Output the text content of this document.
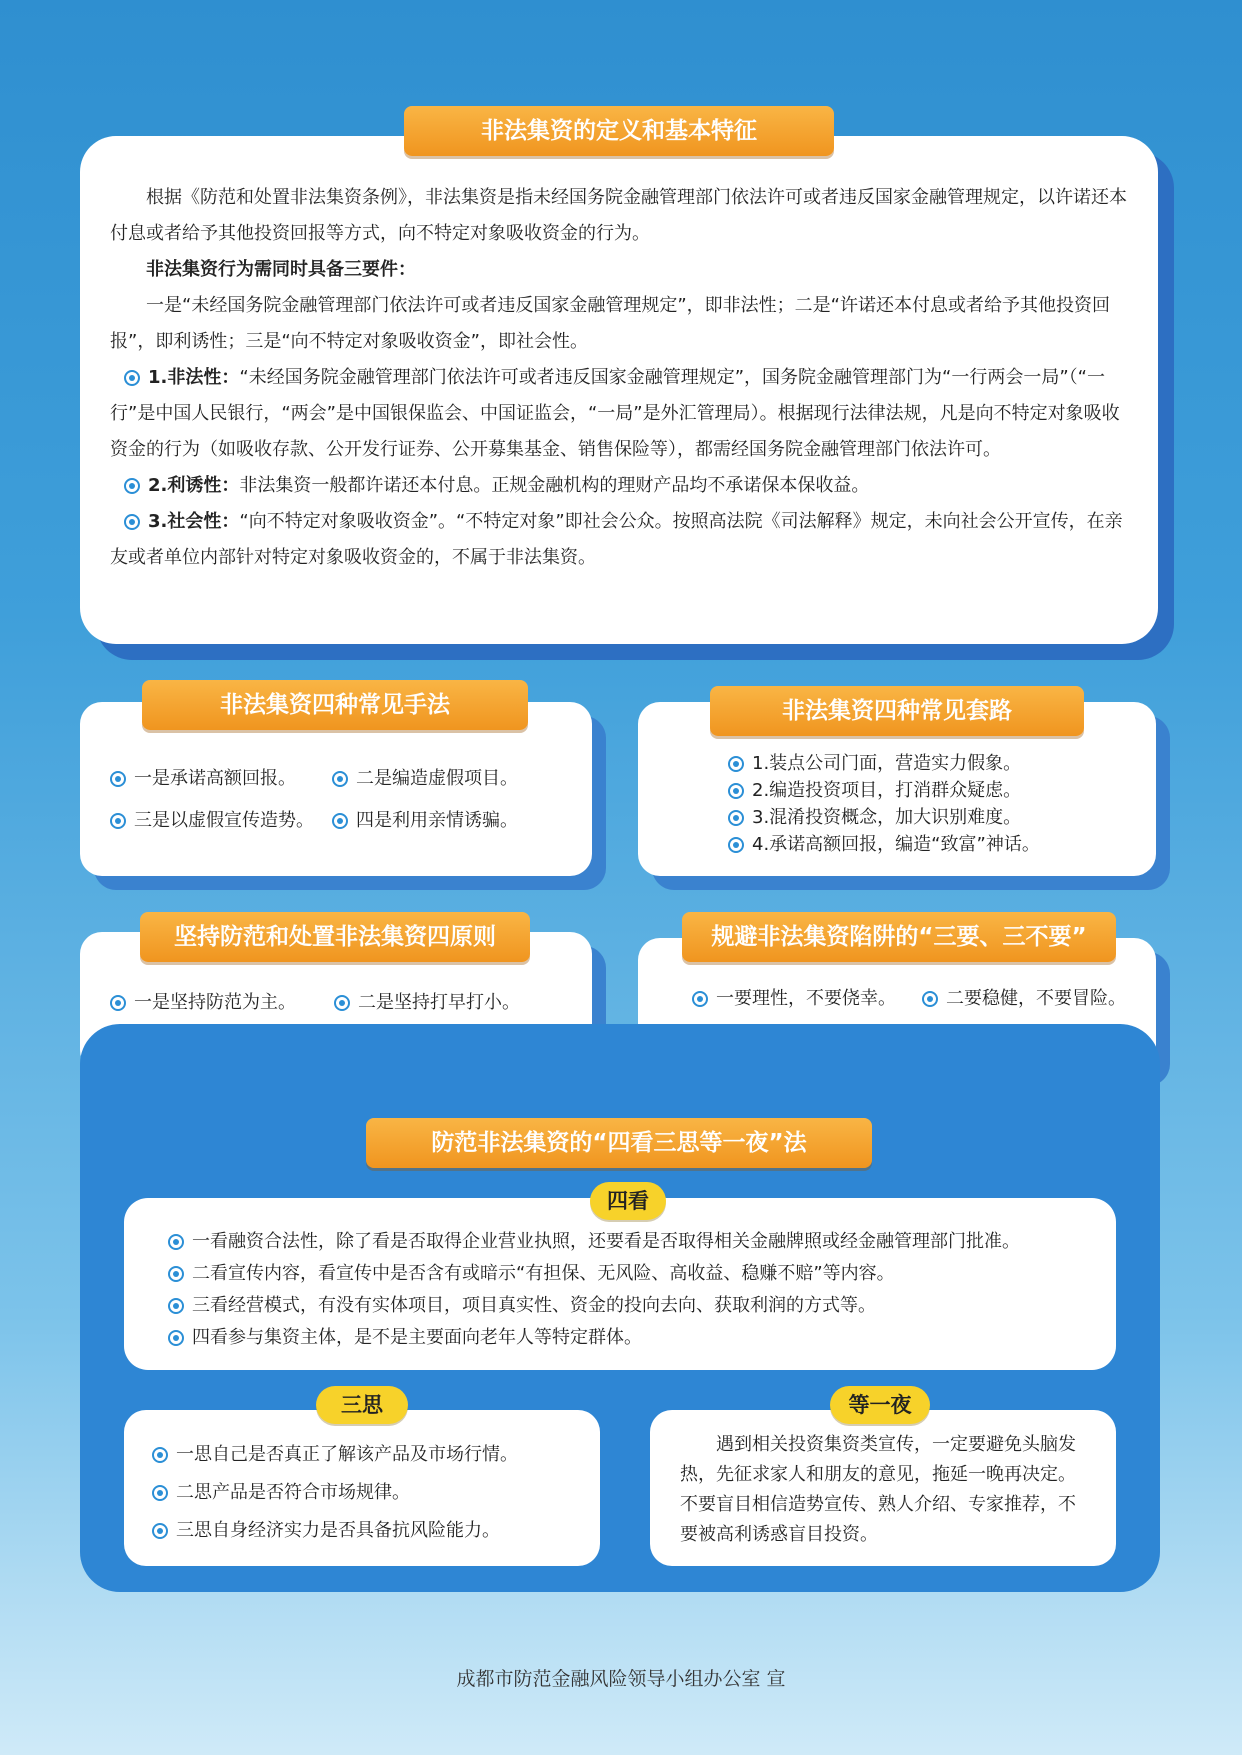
根据《防范和处置非法集资条例》，非法集资是指未经国务院金融管理部门依法许可或者违反国家金融管理规定，以许诺还本付息或者给予其他投资回报等方式，向不特定对象吸收资金的行为。

非法集资行为需同时具备三要件：

一是“未经国务院金融管理部门依法许可或者违反国家金融管理规定”，即非法性；二是“许诺还本付息或者给予其他投资回报”，即利诱性；三是“向不特定对象吸收资金”，即社会性。

1.非法性：“未经国务院金融管理部门依法许可或者违反国家金融管理规定”，国务院金融管理部门为“一行两会一局”（“一行”是中国人民银行，“两会”是中国银保监会、中国证监会，“一局”是外汇管理局）。根据现行法律法规，凡是向不特定对象吸收资金的行为（如吸收存款、公开发行证券、公开募集基金、销售保险等），都需经国务院金融管理部门依法许可。

2.利诱性：非法集资一般都许诺还本付息。正规金融机构的理财产品均不承诺保本保收益。

3.社会性：“向不特定对象吸收资金”。“不特定对象”即社会公众。按照高法院《司法解释》规定，未向社会公开宣传，在亲友或者单位内部针对特定对象吸收资金的，不属于非法集资。

非法集资的定义和基本特征
一是承诺高额回报。	二是编造虚假项目。
三是以虚假宣传造势。	四是利用亲情诱骗。
非法集资四种常见手法
1.装点公司门面，营造实力假象。
2.编造投资项目，打消群众疑虑。
3.混淆投资概念，加大识别难度。
4.承诺高额回报，编造“致富”神话。
非法集资四种常见套路
一是坚持防范为主。	二是坚持打早打小。
坚持防范和处置非法集资四原则
一要理性，不要侥幸。	二要稳健，不要冒险。
规避非法集资陷阱的“三要、三不要”
防范非法集资的“四看三思等一夜”法
一看融资合法性，除了看是否取得企业营业执照，还要看是否取得相关金融牌照或经金融管理部门批准。
二看宣传内容，看宣传中是否含有或暗示“有担保、无风险、高收益、稳赚不赔”等内容。
三看经营模式，有没有实体项目，项目真实性、资金的投向去向、获取利润的方式等。
四看参与集资主体，是不是主要面向老年人等特定群体。
四看
一思自己是否真正了解该产品及市场行情。
二思产品是否符合市场规律。
三思自身经济实力是否具备抗风险能力。
三思

遇到相关投资集资类宣传，一定要避免头脑发热，先征求家人和朋友的意见，拖延一晚再决定。不要盲目相信造势宣传、熟人介绍、专家推荐，不要被高利诱惑盲目投资。

等一夜
成都市防范金融风险领导小组办公室 宣
